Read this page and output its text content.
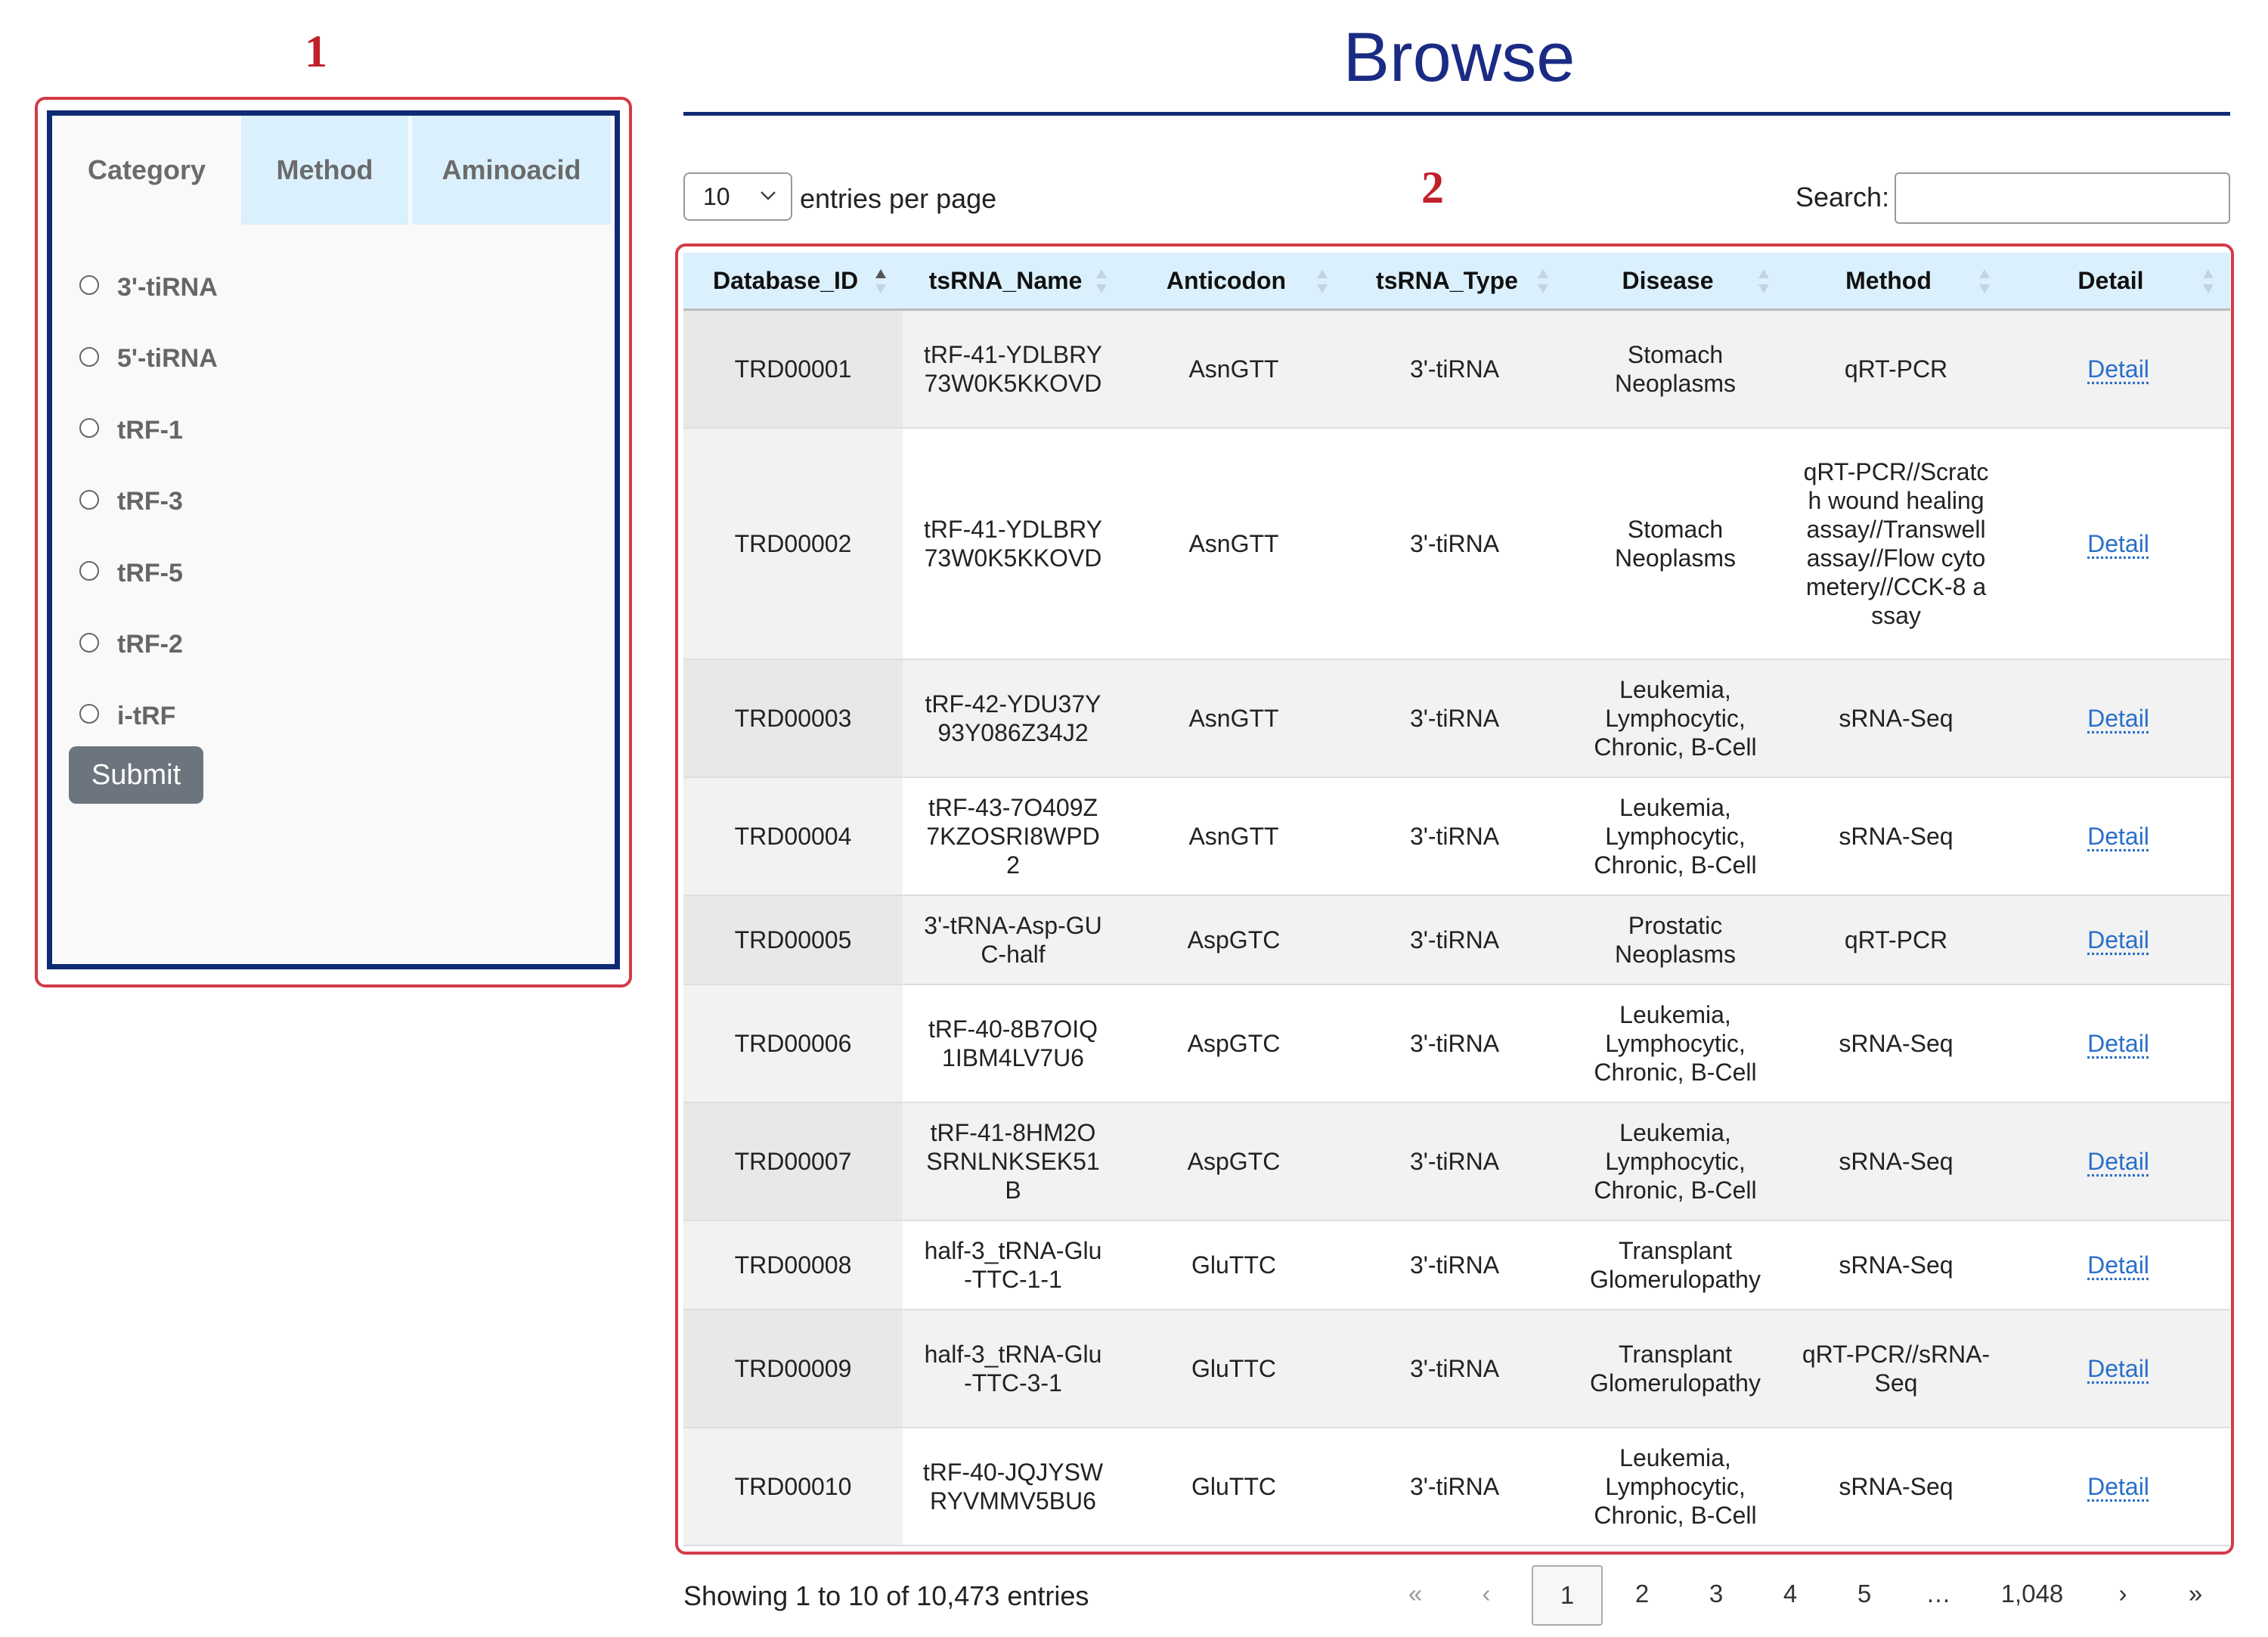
1
2
Category	Method	Aminoacid
3'-tiRNA
5'-tiRNA
tRF-1
tRF-3
tRF-5
tRF-2
i-tRF
Submit
Browse
10	entries per page	Search:
Database_ID	tsRNA_Name	Anticodon	tsRNA_Type	Disease	Method	Detail

TRD00001	tRF-41-YDLBRY73W0K5KKOVD	AsnGTT	3'-tiRNA	Stomach Neoplasms	qRT-PCR	Detail
TRD00002	tRF-41-YDLBRY73W0K5KKOVD	AsnGTT	3'-tiRNA	Stomach Neoplasms	qRT-PCR//Scratch wound healing assay//Transwell assay//Flow cytometery//CCK-8 assay	Detail
TRD00003	tRF-42-YDU37Y93Y086Z34J2	AsnGTT	3'-tiRNA	Leukemia, Lymphocytic, Chronic, B-Cell	sRNA-Seq	Detail
TRD00004	tRF-43-7O409Z7KZOSRI8WPD2	AsnGTT	3'-tiRNA	Leukemia, Lymphocytic, Chronic, B-Cell	sRNA-Seq	Detail
TRD00005	3'-tRNA-Asp-GUC-half	AspGTC	3'-tiRNA	Prostatic Neoplasms	qRT-PCR	Detail
TRD00006	tRF-40-8B7OIQ1IBM4LV7U6	AspGTC	3'-tiRNA	Leukemia, Lymphocytic, Chronic, B-Cell	sRNA-Seq	Detail
TRD00007	tRF-41-8HM2OSRNLNKSEK51B	AspGTC	3'-tiRNA	Leukemia, Lymphocytic, Chronic, B-Cell	sRNA-Seq	Detail
TRD00008	half-3_tRNA-Glu-TTC-1-1	GluTTC	3'-tiRNA	Transplant Glomerulopathy	sRNA-Seq	Detail
TRD00009	half-3_tRNA-Glu-TTC-3-1	GluTTC	3'-tiRNA	Transplant Glomerulopathy	qRT-PCR//sRNA-Seq	Detail
TRD00010	tRF-40-JQJYSWRYVMMV5BU6	GluTTC	3'-tiRNA	Leukemia, Lymphocytic, Chronic, B-Cell	sRNA-Seq	Detail
Showing 1 to 10 of 10,473 entries	«	‹	1	2	3	4	5	…	1,048	›	»
